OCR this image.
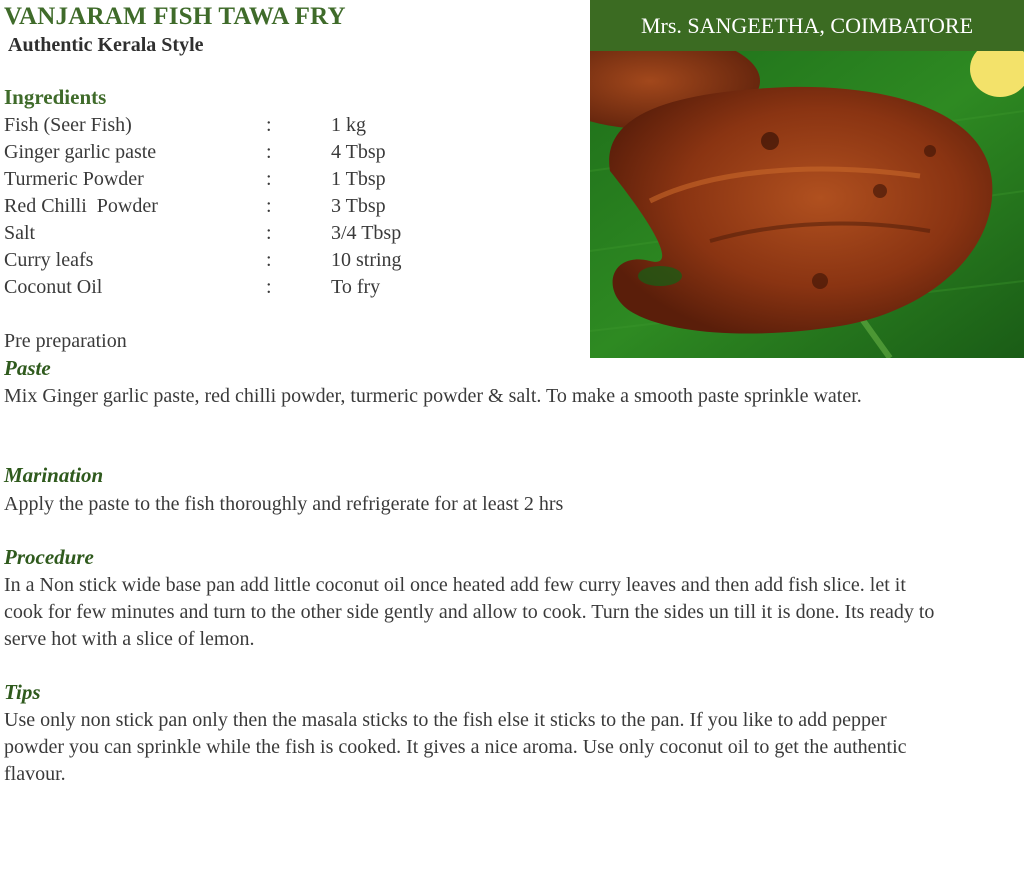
VANJARAM FISH TAWA FRY
Authentic Kerala Style
Mrs. SANGEETHA, COIMBATORE
Ingredients
Fish (Seer Fish)	:	1 kg
Ginger garlic paste	:	4 Tbsp
Turmeric Powder	:	1 Tbsp
Red Chilli  Powder	:	3 Tbsp
Salt	:	3/4 Tbsp
Curry leafs	:	10 string
Coconut Oil	:	To fry
Pre preparation
Paste
Mix Ginger garlic paste, red chilli powder, turmeric powder & salt. To make a smooth paste sprinkle water.
Marination
Apply the paste to the fish thoroughly and refrigerate for at least 2 hrs
Procedure
In a Non stick wide base pan add little coconut oil once heated add few curry leaves and then add fish slice. let it cook for few minutes and turn to the other side gently and allow to cook. Turn the sides un till it is done. Its ready to serve hot with a slice of lemon.
Tips
Use only non stick pan only then the masala sticks to the fish else it sticks to the pan. If you like to add pepper powder you can sprinkle while the fish is cooked. It gives a nice aroma. Use only coconut oil to get the authentic flavour.
